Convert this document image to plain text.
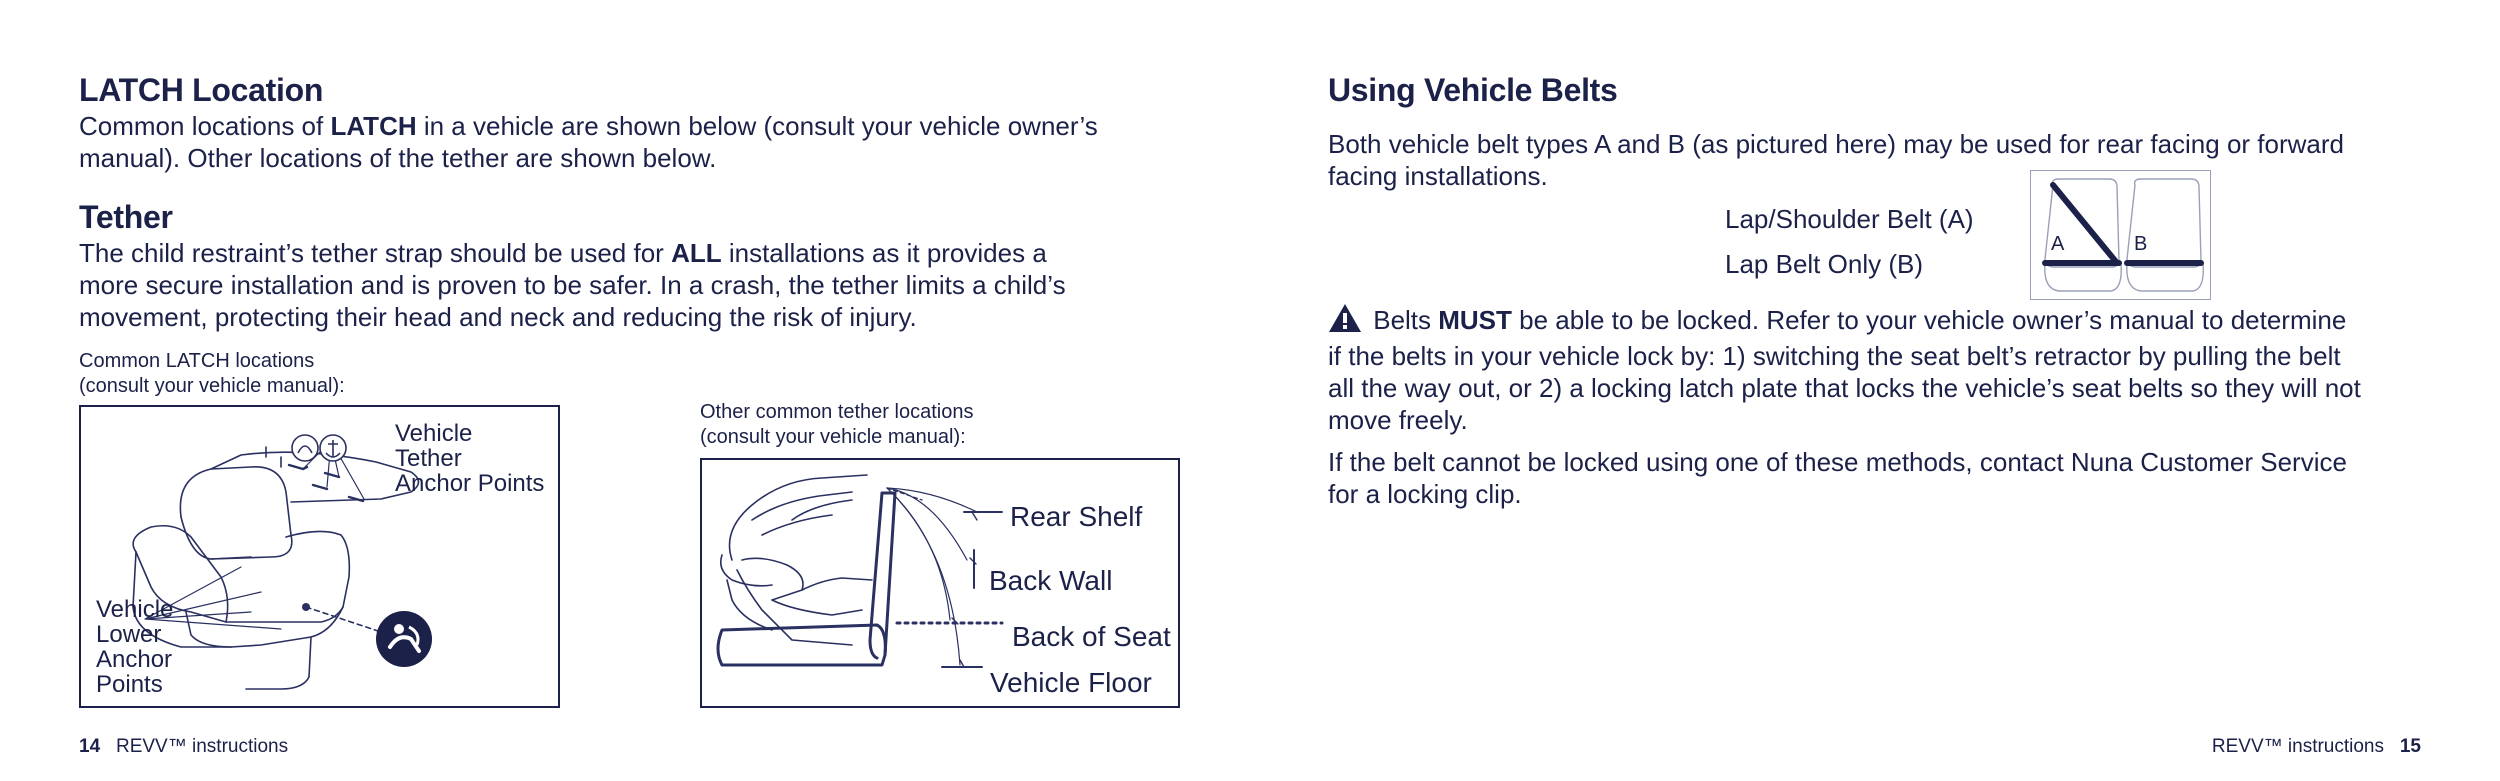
LATCH Location
Common locations of LATCH in a vehicle are shown below (consult your vehicle owner’s
manual). Other locations of the tether are shown below.
Tether
The child restraint’s tether strap should be used for ALL installations as it provides a
more secure installation and is proven to be safer. In a crash, the tether limits a child’s
movement, protecting their head and neck and reducing the risk of injury.
Common LATCH locations
(consult your vehicle manual):
Vehicle
Tether
Anchor Points
Vehicle
Lower
Anchor
Points
Other common tether locations
(consult your vehicle manual):
Rear Shelf
Back Wall
Back of Seat
Vehicle Floor
14 REVV™ instructions
Using Vehicle Belts
Both vehicle belt types A and B (as pictured here) may be used for rear facing or forward
facing installations.
Lap/Shoulder Belt (A)
Lap Belt Only (B)
A	B
Belts MUST be able to be locked. Refer to your vehicle owner’s manual to determine
if the belts in your vehicle lock by: 1) switching the seat belt’s retractor by pulling the belt
all the way out, or 2) a locking latch plate that locks the vehicle’s seat belts so they will not
move freely.
If the belt cannot be locked using one of these methods, contact Nuna Customer Service
for a locking clip.
REVV™ instructions 15
